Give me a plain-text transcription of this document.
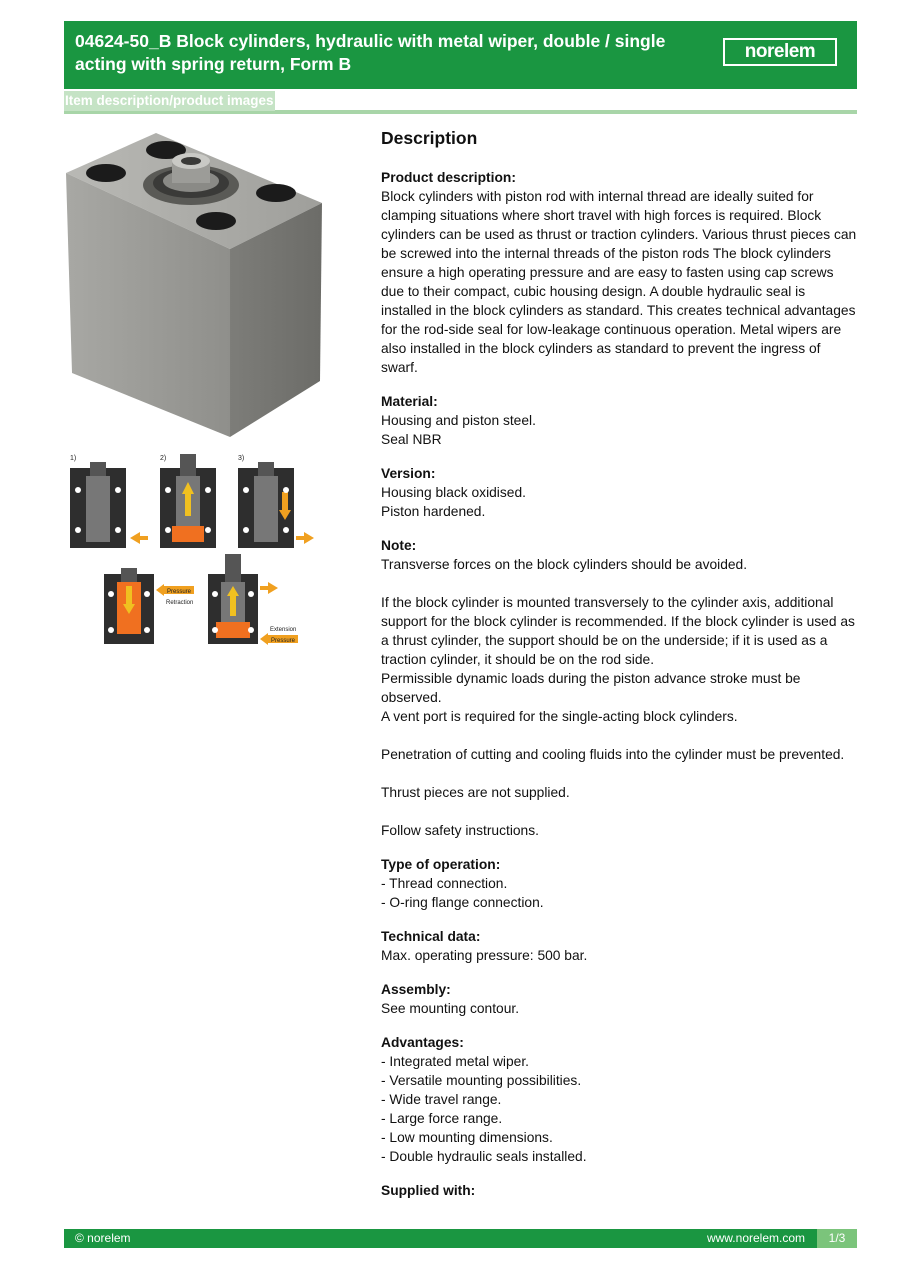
04624-50_B Block cylinders, hydraulic with metal wiper, double / single acting with spring return, Form B
norelem
Item description/product images

1)	2)	3)
Pressure
Retraction
Extension
Pressure
Description
Product description:
Block cylinders with piston rod with internal thread are ideally suited for clamping situations where short travel with high forces is required. Block cylinders can be used as thrust or traction cylinders. Various thrust pieces can be screwed into the internal threads of the piston rods The block cylinders ensure a high operating pressure and are easy to fasten using cap screws due to their compact, cubic housing design. A double hydraulic seal is installed in the block cylinders as standard. This creates technical advantages for the rod-side seal for low-leakage continuous operation. Metal wipers are also installed in the block cylinders as standard to prevent the ingress of swarf.
Material:
Housing and piston steel.
Seal NBR
Version:
Housing black oxidised.
Piston hardened.
Note:
Transverse forces on the block cylinders should be avoided.

If the block cylinder is mounted transversely to the cylinder axis, additional support for the block cylinder is recommended. If the block cylinder is used as a thrust cylinder, the support should be on the underside; if it is used as a traction cylinder, it should be on the rod side.
Permissible dynamic loads during the piston advance stroke must be observed.
A vent port is required for the single-acting block cylinders.

Penetration of cutting and cooling fluids into the cylinder must be prevented.

Thrust pieces are not supplied.

Follow safety instructions.
Type of operation:
- Thread connection.
- O-ring flange connection.
Technical data:
Max. operating pressure: 500 bar.
Assembly:
See mounting contour.
Advantages:
- Integrated metal wiper.
- Versatile mounting possibilities.
- Wide travel range.
- Large force range.
- Low mounting dimensions.
- Double hydraulic seals installed.
Supplied with:
© norelem	www.norelem.com	1/3
